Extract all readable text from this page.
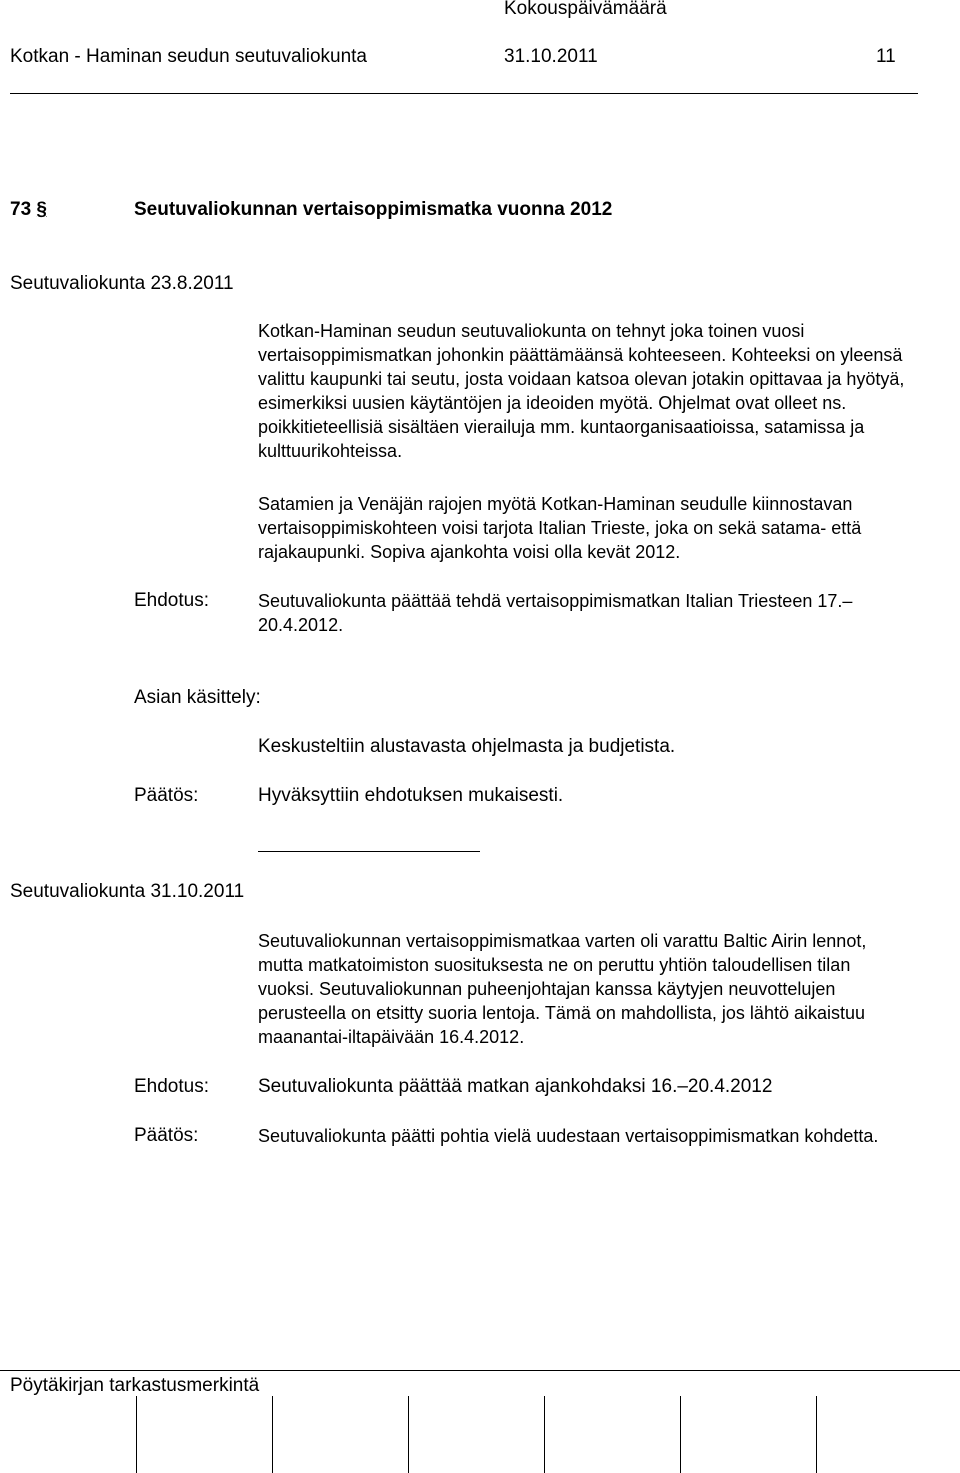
Kokouspäivämäärä
Kotkan - Haminan seudun seutuvaliokunta	31.10.2011	11
73 §	Seutuvaliokunnan vertaisoppimismatka vuonna 2012
Seutuvaliokunta 23.8.2011
Kotkan-Haminan seudun seutuvaliokunta on tehnyt joka toinen vuosi vertaisoppimismatkan johonkin päättämäänsä kohteeseen. Kohteeksi on yleensä valittu kaupunki tai seutu, josta voidaan katsoa olevan jotakin opittavaa ja hyötyä, esimerkiksi uusien käytäntöjen ja ideoiden myötä. Ohjelmat ovat olleet ns. poikkitieteellisiä sisältäen vierailuja mm. kuntaorganisaatioissa, satamissa ja kulttuurikohteissa.
Satamien ja Venäjän rajojen myötä Kotkan-Haminan seudulle kiinnostavan vertaisoppimiskohteen voisi tarjota Italian Trieste, joka on sekä satama- että rajakaupunki. Sopiva ajankohta voisi olla kevät 2012.
Ehdotus:	Seutuvaliokunta päättää tehdä vertaisoppimismatkan Italian Triesteen 17.–20.4.2012.
Asian käsittely:
Keskusteltiin alustavasta ohjelmasta ja budjetista.
Päätös:	Hyväksyttiin ehdotuksen mukaisesti.
Seutuvaliokunta 31.10.2011
Seutuvaliokunnan vertaisoppimismatkaa varten oli varattu Baltic Airin lennot, mutta matkatoimiston suosituksesta ne on peruttu yhtiön taloudellisen tilan vuoksi. Seutuvaliokunnan puheenjohtajan kanssa käytyjen neuvottelujen perusteella on etsitty suoria lentoja. Tämä on mahdollista, jos lähtö aikaistuu maanantai-iltapäivään 16.4.2012.
Ehdotus:	Seutuvaliokunta päättää matkan ajankohdaksi 16.–20.4.2012
Päätös:	Seutuvaliokunta päätti pohtia vielä uudestaan vertaisoppimismatkan kohdetta.
Pöytäkirjan tarkastusmerkintä
